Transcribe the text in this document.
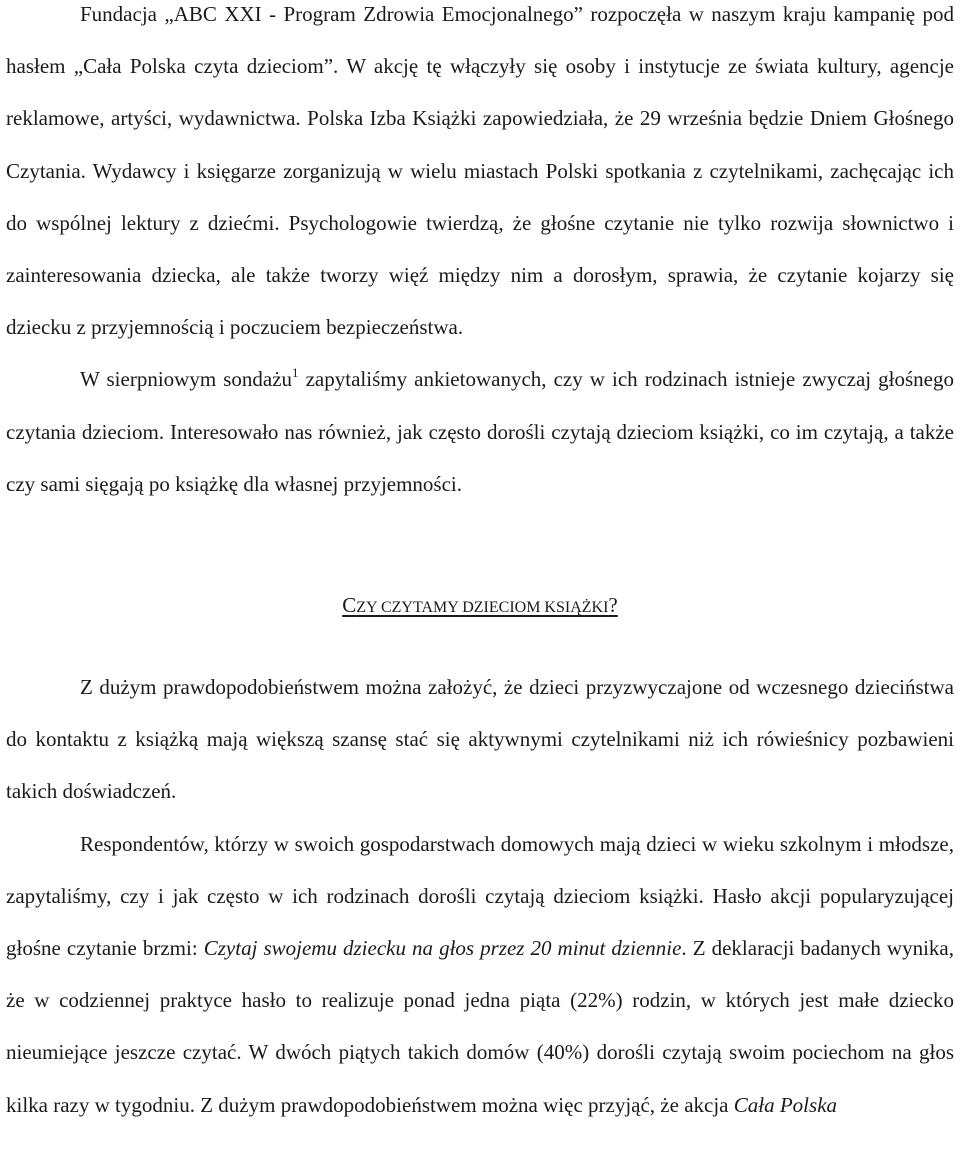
Fundacja „ABC XXI - Program Zdrowia Emocjonalnego” rozpoczęła w naszym kraju kampanię pod hasłem „Cała Polska czyta dzieciom”. W akcję tę włączyły się osoby i instytucje ze świata kultury, agencje reklamowe, artyści, wydawnictwa. Polska Izba Książki zapowiedziała, że 29 września będzie Dniem Głośnego Czytania. Wydawcy i księgarze zorganizują w wielu miastach Polski spotkania z czytelnikami, zachęcając ich do wspólnej lektury z dziećmi. Psychologowie twierdzą, że głośne czytanie nie tylko rozwija słownictwo i zainteresowania dziecka, ale także tworzy więź między nim a dorosłym, sprawia, że czytanie kojarzy się dziecku z przyjemnością i poczuciem bezpieczeństwa.

W sierpniowym sondażu$^1$ zapytaliśmy ankietowanych, czy w ich rodzinach istnieje zwyczaj głośnego czytania dzieciom. Interesowało nas również, jak często dorośli czytają dzieciom książki, co im czytają, a także czy sami sięgają po książkę dla własnej przyjemności.

CZY CZYTAMY DZIECIOM KSIĄŻKI?

Z dużym prawdopodobieństwem można założyć, że dzieci przyzwyczajone od wczesnego dzieciństwa do kontaktu z książką mają większą szansę stać się aktywnymi czytelnikami niż ich rówieśnicy pozbawieni takich doświadczeń.

Respondentów, którzy w swoich gospodarstwach domowych mają dzieci w wieku szkolnym i młodsze, zapytaliśmy, czy i jak często w ich rodzinach dorośli czytają dzieciom książki. Hasło akcji popularyzującej głośne czytanie brzmi: Czytaj swojemu dziecku na głos przez 20 minut dziennie. Z deklaracji badanych wynika, że w codziennej praktyce hasło to realizuje ponad jedna piąta (22%) rodzin, w których jest małe dziecko nieumiejące jeszcze czytać. W dwóch piątych takich domów (40%) dorośli czytają swoim pociechom na głos kilka razy w tygodniu. Z dużym prawdopodobieństwem można więc przyjąć, że akcja Cała Polska
